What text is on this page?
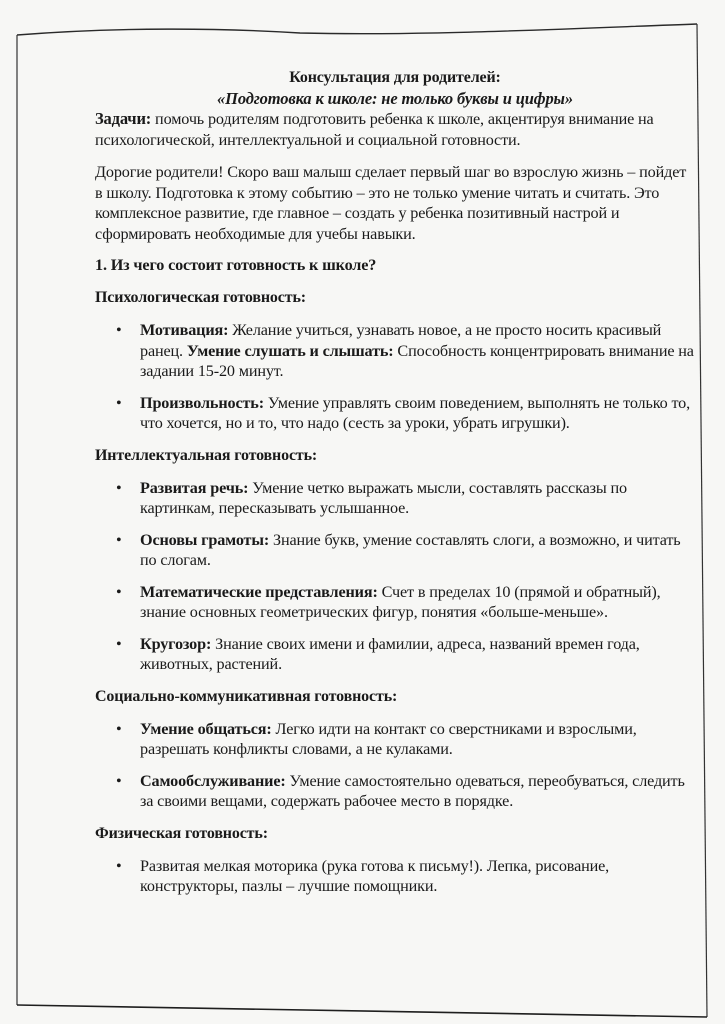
Консультация для родителей:
«Подготовка к школе: не только буквы и цифры»

Задачи: помочь родителям подготовить ребенка к школе, акцентируя внимание на психологической, интеллектуальной и социальной готовности.

Дорогие родители! Скоро ваш малыш сделает первый шаг во взрослую жизнь – пойдет в школу. Подготовка к этому событию – это не только умение читать и считать. Это комплексное развитие, где главное – создать у ребенка позитивный настрой и сформировать необходимые для учебы навыки.

1. Из чего состоит готовность к школе?
Психологическая готовность:
• Мотивация: Желание учиться, узнавать новое, а не просто носить красивый ранец. Умение слушать и слышать: Способность концентрировать внимание на задании 15-20 минут.
• Произвольность: Умение управлять своим поведением, выполнять не только то, что хочется, но и то, что надо (сесть за уроки, убрать игрушки).
Интеллектуальная готовность:
• Развитая речь: Умение четко выражать мысли, составлять рассказы по картинкам, пересказывать услышанное.
• Основы грамоты: Знание букв, умение составлять слоги, а возможно, и читать по слогам.
• Математические представления: Счет в пределах 10 (прямой и обратный), знание основных геометрических фигур, понятия «больше-меньше».
• Кругозор: Знание своих имени и фамилии, адреса, названий времен года, животных, растений.
Социально-коммуникативная готовность:
• Умение общаться: Легко идти на контакт со сверстниками и взрослыми, разрешать конфликты словами, а не кулаками.
• Самообслуживание: Умение самостоятельно одеваться, переобуваться, следить за своими вещами, содержать рабочее место в порядке.
Физическая готовность:
• Развитая мелкая моторика (рука готова к письму!). Лепка, рисование, конструкторы, пазлы – лучшие помощники.
